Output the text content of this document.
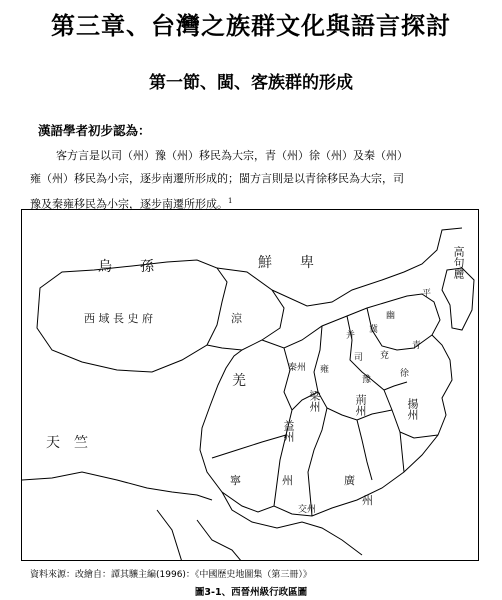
第三章、台灣之族群文化與語言探討
第一節、閩、客族群的形成
漢語學者初步認為：

客方言是以司（州）豫（州）移民為大宗，青（州）徐（州）及秦（州）

雍（州）移民為小宗，逐步南遷所形成的；閩方言則是以青徐移民為大宗，司

豫及秦雍移民為小宗，逐步南遷所形成。$^1$

烏　　孫	鮮　　卑	高句麗
西 域 長 史 府	涼
平
幽
并
冀
羌
秦州 雍
司 兗
青
豫
徐
梁州	荊州	揚州
益州
寧	州	廣
州
交州
天　竺
資料來源：改繪自：譚其驤主編(1996)：《中國歷史地圖集（第三冊）》
圖3-1、西晉州級行政區圖
